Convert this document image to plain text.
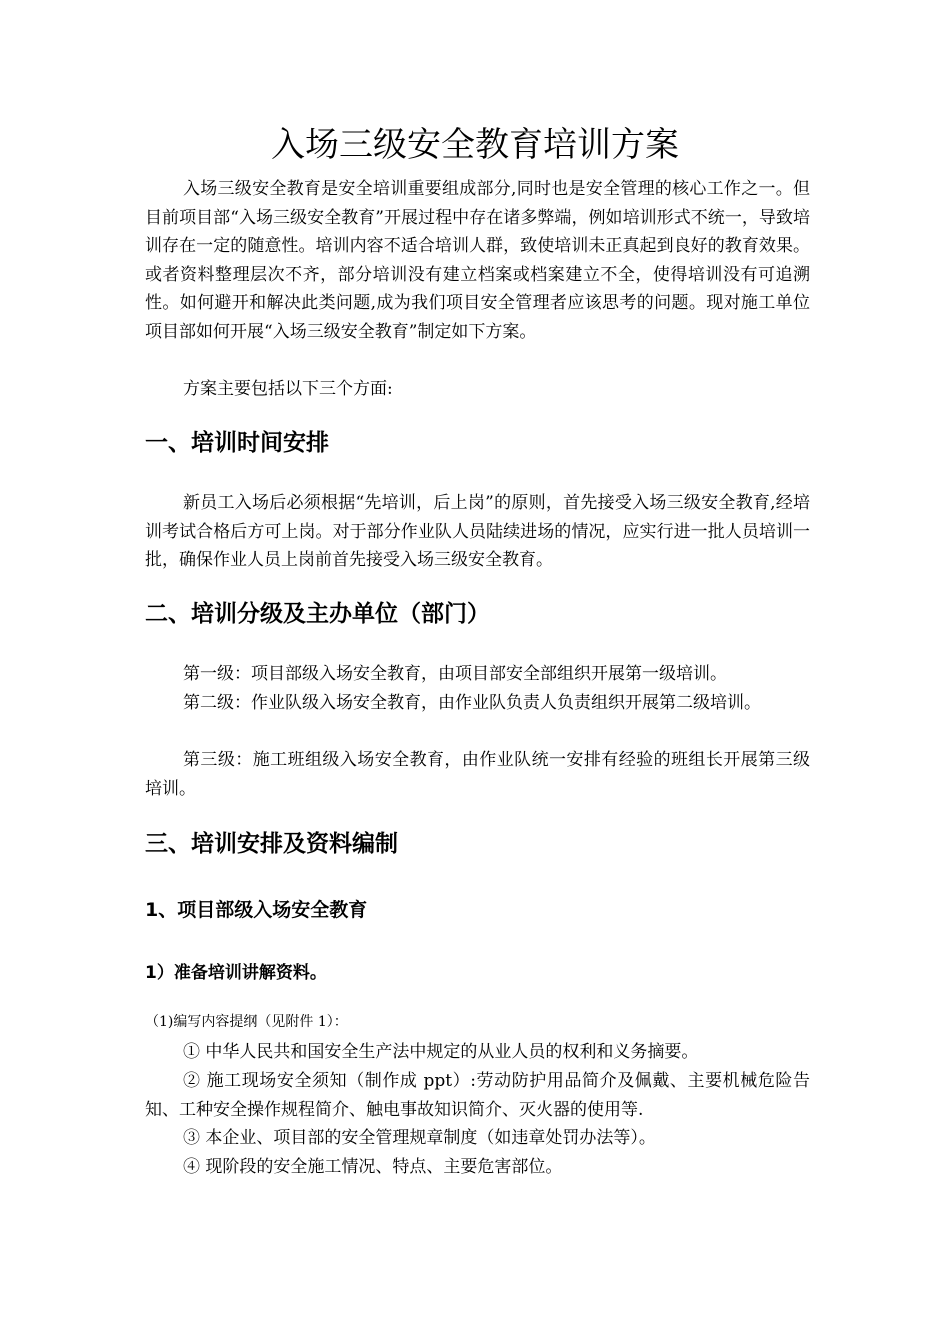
入场三级安全教育培训方案

入场三级安全教育是安全培训重要组成部分,同时也是安全管理的核心工作之一。但目前项目部“入场三级安全教育”开展过程中存在诸多弊端，例如培训形式不统一，导致培训存在一定的随意性。培训内容不适合培训人群，致使培训未正真起到良好的教育效果。或者资料整理层次不齐，部分培训没有建立档案或档案建立不全，使得培训没有可追溯性。如何避开和解决此类问题,成为我们项目安全管理者应该思考的问题。现对施工单位项目部如何开展“入场三级安全教育”制定如下方案。

方案主要包括以下三个方面:

一、培训时间安排

新员工入场后必须根据“先培训，后上岗”的原则，首先接受入场三级安全教育,经培训考试合格后方可上岗。对于部分作业队人员陆续进场的情况，应实行进一批人员培训一批，确保作业人员上岗前首先接受入场三级安全教育。

二、培训分级及主办单位（部门）

第一级：项目部级入场安全教育，由项目部安全部组织开展第一级培训。

第二级：作业队级入场安全教育，由作业队负责人负责组织开展第二级培训。

第三级：施工班组级入场安全教育，由作业队统一安排有经验的班组长开展第三级培训。

三、培训安排及资料编制
1、项目部级入场安全教育
1）准备培训讲解资料。

（1)编写内容提纲（见附件 1）：

① 中华人民共和国安全生产法中规定的从业人员的权利和义务摘要。

② 施工现场安全须知（制作成 ppt）:劳动防护用品简介及佩戴、主要机械危险告知、工种安全操作规程简介、触电事故知识简介、灭火器的使用等.

③ 本企业、项目部的安全管理规章制度（如违章处罚办法等）。

④ 现阶段的安全施工情况、特点、主要危害部位。
